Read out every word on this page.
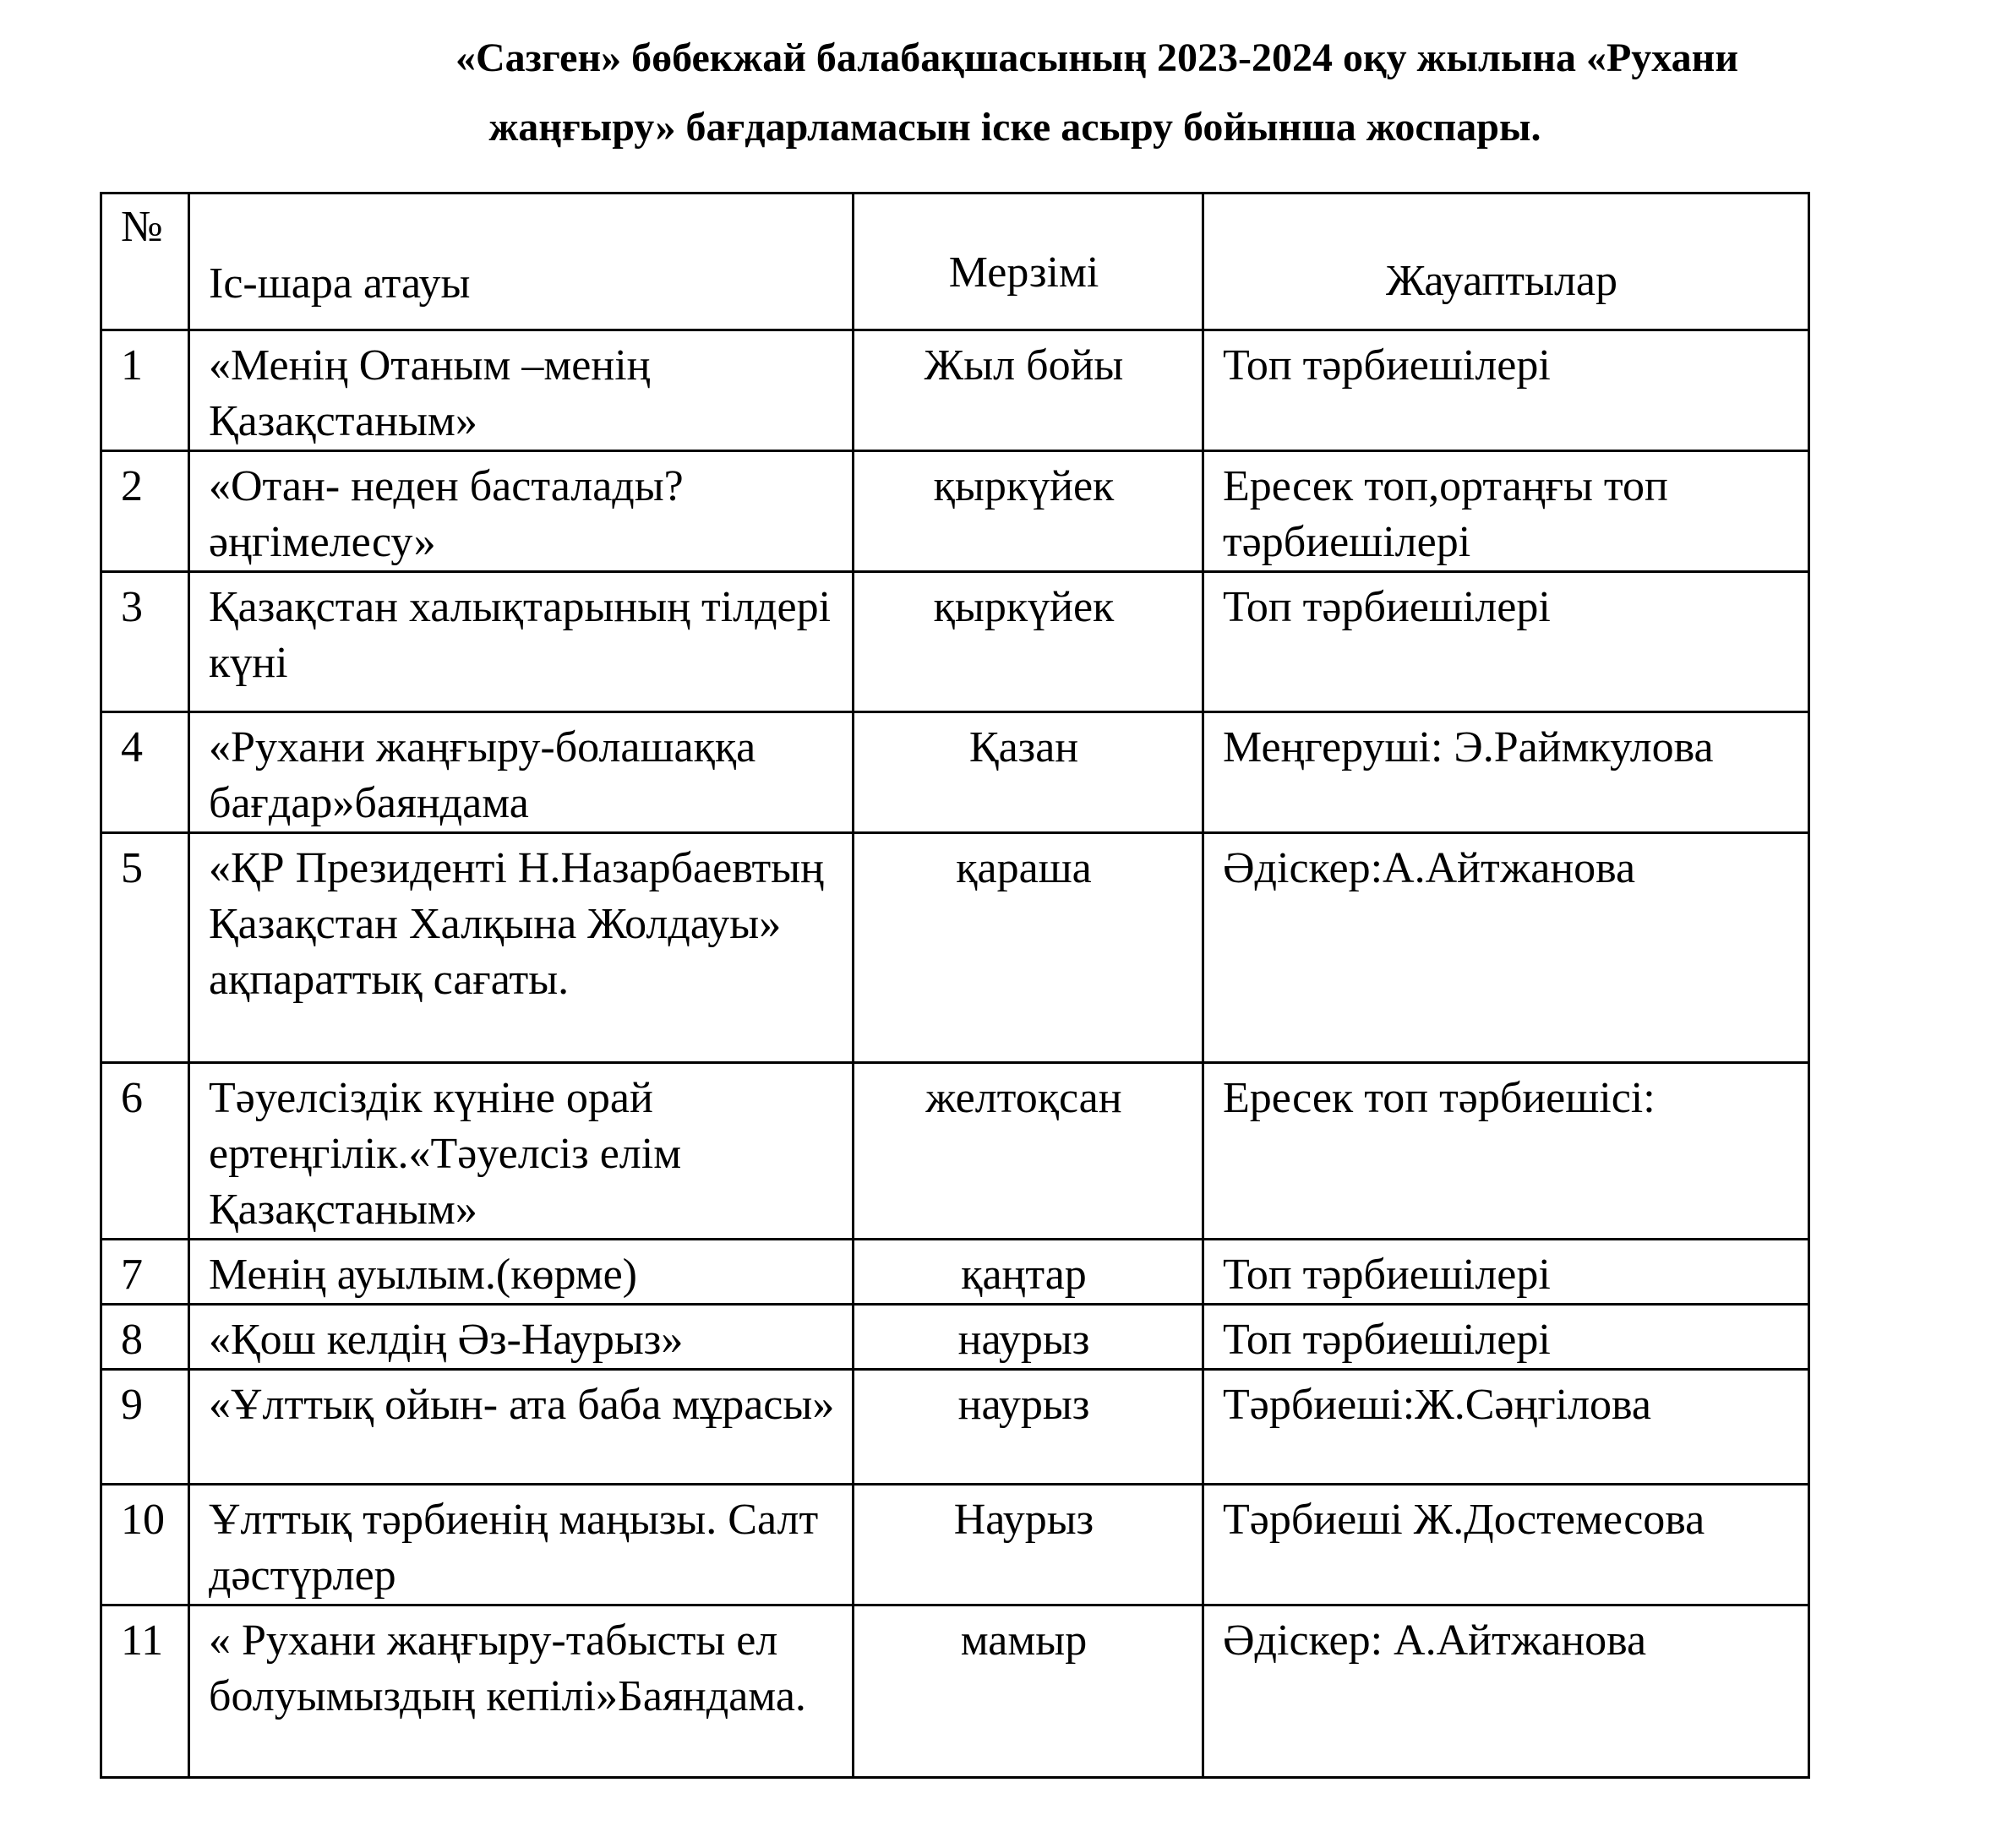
«Сазген» бөбекжай балабақшасының 2023-2024 оқу жылына «Рухани
жаңғыру» бағдарламасын іске асыру бойынша жоспары.
№	Іс-шара атауы	Мерзімі	Жауаптылар
1	«Менің Отаным –менің Қазақстаным»	Жыл бойы	Топ тәрбиешілері
2	«Отан- неден басталады? әңгімелесу»	қыркүйек	Ересек топ,ортаңғы топ тәрбиешілері
3	Қазақстан халықтарының тілдері күні	қыркүйек	Топ тәрбиешілері
4	«Рухани жаңғыру-болашаққа бағдар»баяндама	Қазан	Меңгеруші: Э.Раймкулова
5	«ҚР Президенті Н.Назарбаевтың Қазақстан Халқына Жолдауы» ақпараттық сағаты.	қараша	Әдіскер:А.Айтжанова
6	Тәуелсіздік күніне орай ертеңгілік.«Тәуелсіз елім Қазақстаным»	желтоқсан	Ересек топ тәрбиешісі:
7	Менің ауылым.(көрме)	қаңтар	Топ тәрбиешілері
8	«Қош келдің Әз-Наурыз»	наурыз	Топ тәрбиешілері
9	«Ұлттық ойын- ата баба мұрасы»	наурыз	Тәрбиеші:Ж.Сәңгілова
10	Ұлттық тәрбиенің маңызы. Салт дәстүрлер	Наурыз	Тәрбиеші Ж.Достемесова
11	« Рухани жаңғыру-табысты ел болуымыздың кепілі»Баяндама.	мамыр	Әдіскер: А.Айтжанова
